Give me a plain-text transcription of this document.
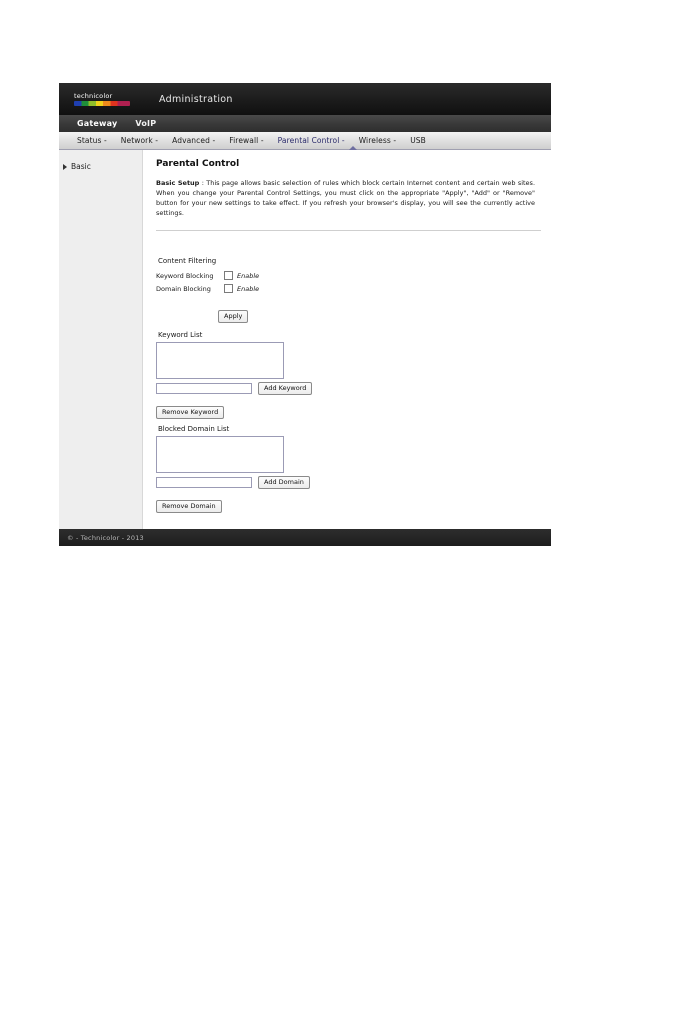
technicolor	Administration
Gateway VoIP
Status - Network - Advanced - Firewall - Parental Control - Wireless - USB
Basic	Parental Control
Basic Setup : This page allows basic selection of rules which block certain Internet content and certain web sites. When you change your Parental Control Settings, you must click on the appropriate "Apply", "Add" or "Remove" button for your new settings to take effect. If you refresh your browser's display, you will see the currently active settings.
Content Filtering
Keyword Blocking	Enable
Domain Blocking	Enable
Apply
Keyword List
Add Keyword
Remove Keyword
Blocked Domain List
Add Domain
Remove Domain
© - Technicolor - 2013
